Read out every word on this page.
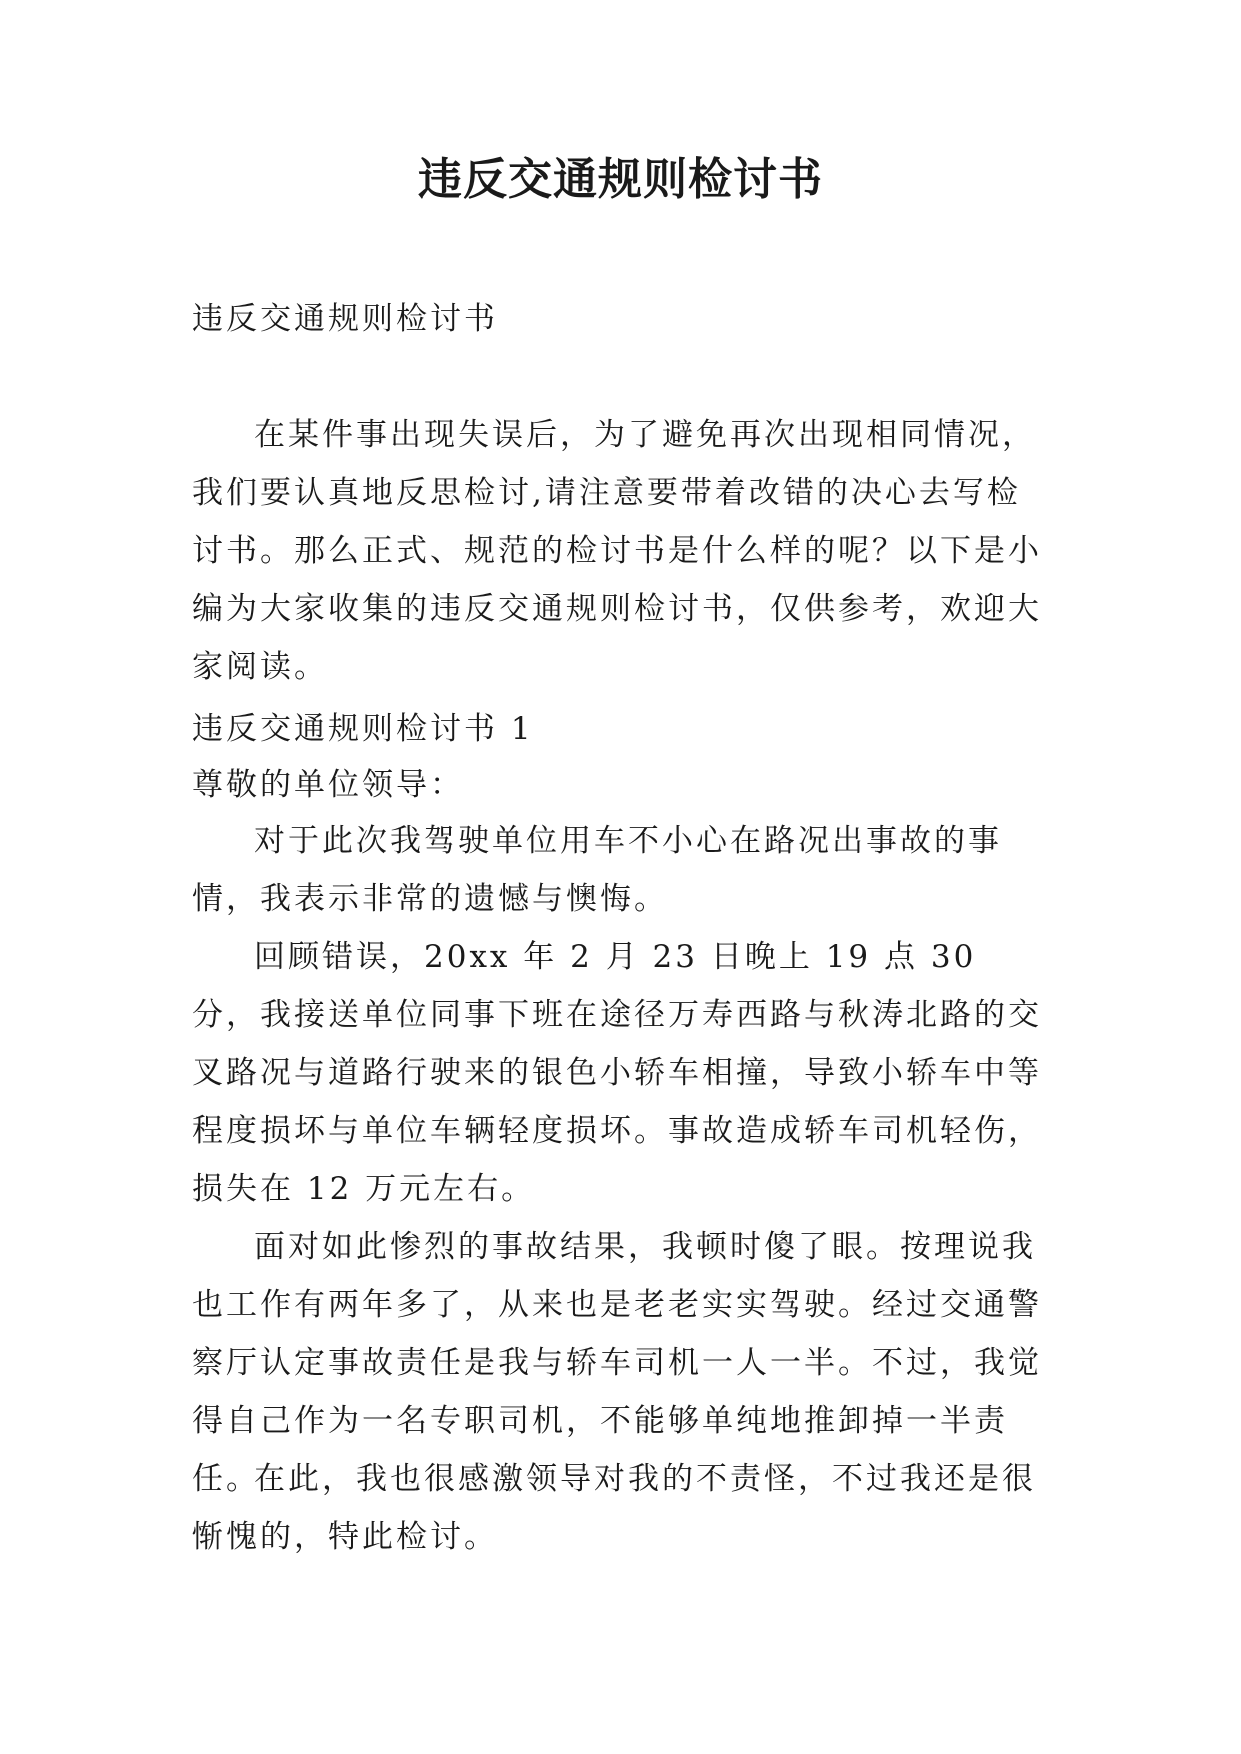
违反交通规则检讨书

违反交通规则检讨书

在某件事出现失误后，为了避免再次出现相同情况，我们要认真地反思检讨,请注意要带着改错的决心去写检讨书。那么正式、规范的检讨书是什么样的呢？以下是小编为大家收集的违反交通规则检讨书，仅供参考，欢迎大家阅读。

违反交通规则检讨书 1

尊敬的单位领导：

对于此次我驾驶单位用车不小心在路况出事故的事情，我表示非常的遗憾与懊悔。

回顾错误，20xx 年 2 月 23 日晚上 19 点 30 分，我接送单位同事下班在途径万寿西路与秋涛北路的交叉路况与道路行驶来的银色小轿车相撞，导致小轿车中等程度损坏与单位车辆轻度损坏。事故造成轿车司机轻伤，损失在 12 万元左右。

面对如此惨烈的事故结果，我顿时傻了眼。按理说我也工作有两年多了，从来也是老老实实驾驶。经过交通警察厅认定事故责任是我与轿车司机一人一半。不过，我觉得自己作为一名专职司机，不能够单纯地推卸掉一半责任。

在此，我也很感激领导对我的不责怪，不过我还是很惭愧的，特此检讨。
